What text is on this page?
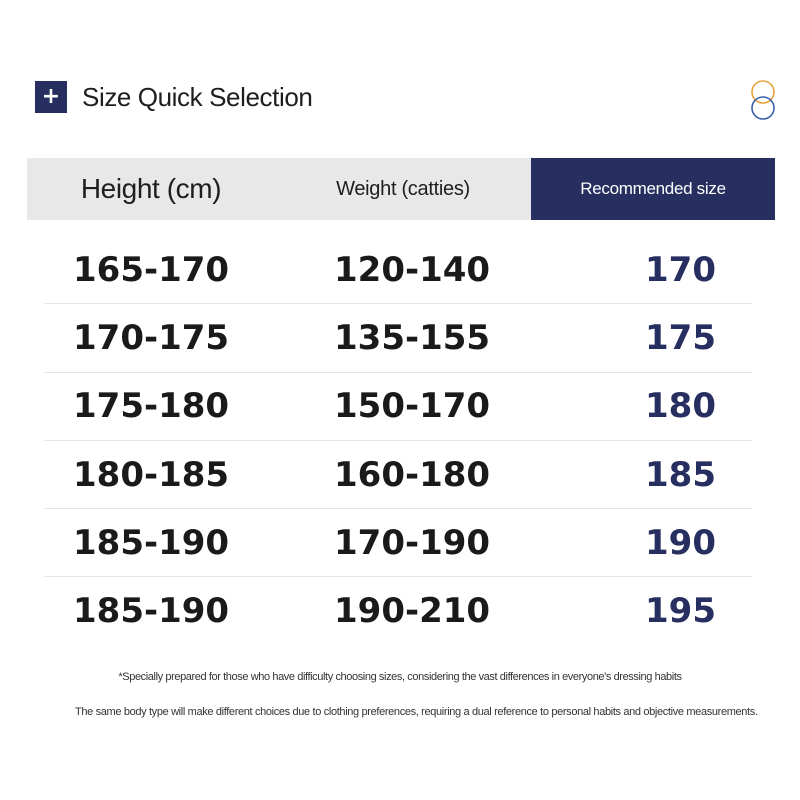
+ Size Quick Selection
Height (cm)	Weight (catties)	Recommended size
165-170	120-140	170
170-175	135-155	175
175-180	150-170	180
180-185	160-180	185
185-190	170-190	190
185-190	190-210	195
*Specially prepared for those who have difficulty choosing sizes, considering the vast differences in everyone's dressing habits
The same body type will make different choices due to clothing preferences, requiring a dual reference to personal habits and objective measurements.
